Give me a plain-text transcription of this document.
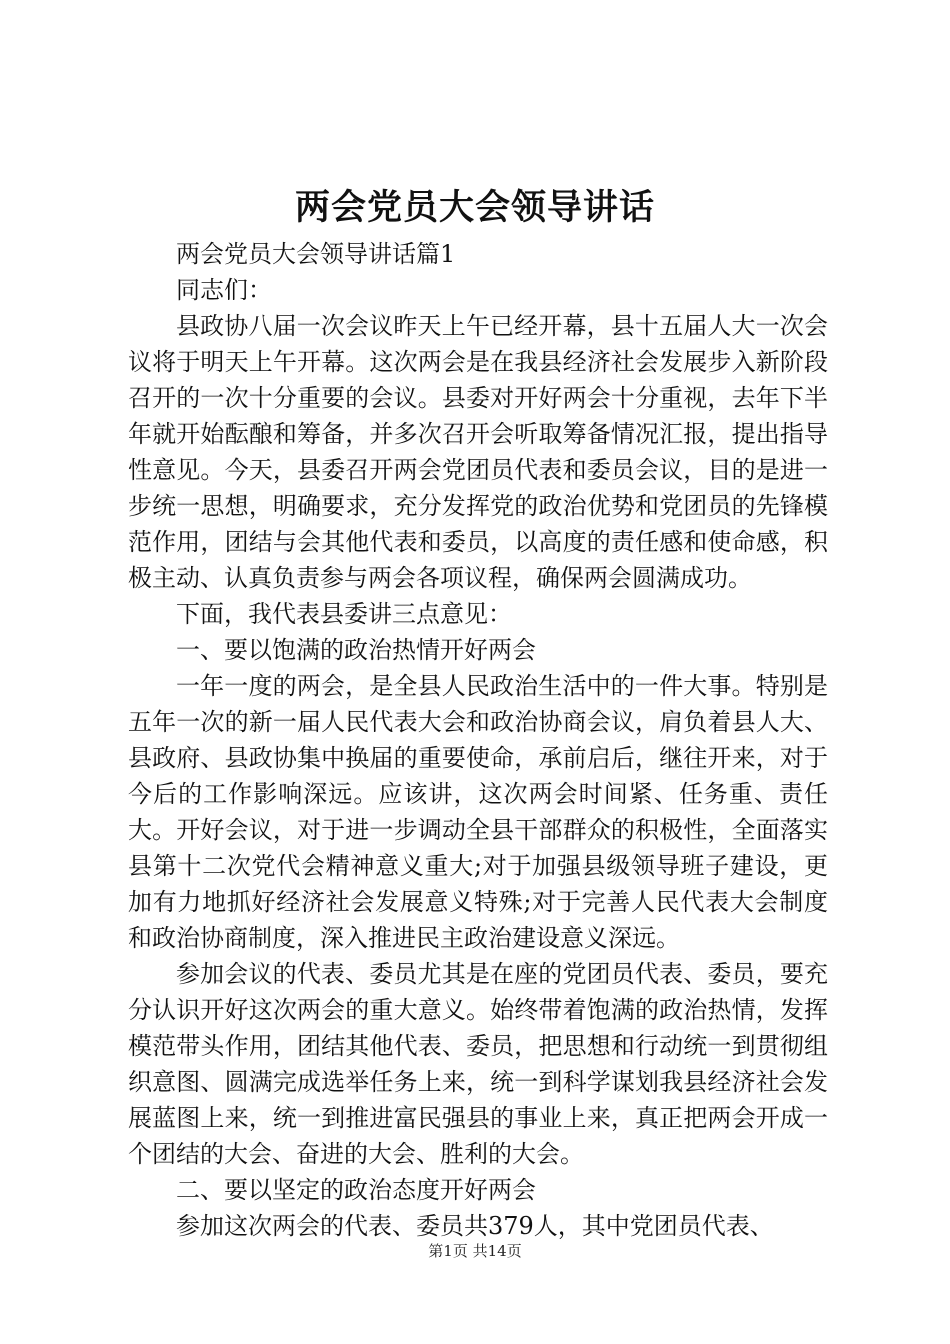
两会党员大会领导讲话

两会党员大会领导讲话篇1

同志们：

县政协八届一次会议昨天上午已经开幕，县十五届人大一次会议将于明天上午开幕。这次两会是在我县经济社会发展步入新阶段召开的一次十分重要的会议。县委对开好两会十分重视，去年下半年就开始酝酿和筹备，并多次召开会听取筹备情况汇报，提出指导性意见。今天，县委召开两会党团员代表和委员会议，目的是进一步统一思想，明确要求，充分发挥党的政治优势和党团员的先锋模范作用，团结与会其他代表和委员，以高度的责任感和使命感，积极主动、认真负责参与两会各项议程，确保两会圆满成功。

下面，我代表县委讲三点意见：

一、要以饱满的政治热情开好两会

一年一度的两会，是全县人民政治生活中的一件大事。特别是五年一次的新一届人民代表大会和政治协商会议，肩负着县人大、县政府、县政协集中换届的重要使命，承前启后，继往开来，对于今后的工作影响深远。应该讲，这次两会时间紧、任务重、责任大。开好会议，对于进一步调动全县干部群众的积极性，全面落实县第十二次党代会精神意义重大;对于加强县级领导班子建设，更加有力地抓好经济社会发展意义特殊;对于完善人民代表大会制度和政治协商制度，深入推进民主政治建设意义深远。

参加会议的代表、委员尤其是在座的党团员代表、委员，要充分认识开好这次两会的重大意义。始终带着饱满的政治热情，发挥模范带头作用，团结其他代表、委员，把思想和行动统一到贯彻组织意图、圆满完成选举任务上来，统一到科学谋划我县经济社会发展蓝图上来，统一到推进富民强县的事业上来，真正把两会开成一个团结的大会、奋进的大会、胜利的大会。

二、要以坚定的政治态度开好两会

参加这次两会的代表、委员共379人，其中党团员代表、

第1页 共14页
